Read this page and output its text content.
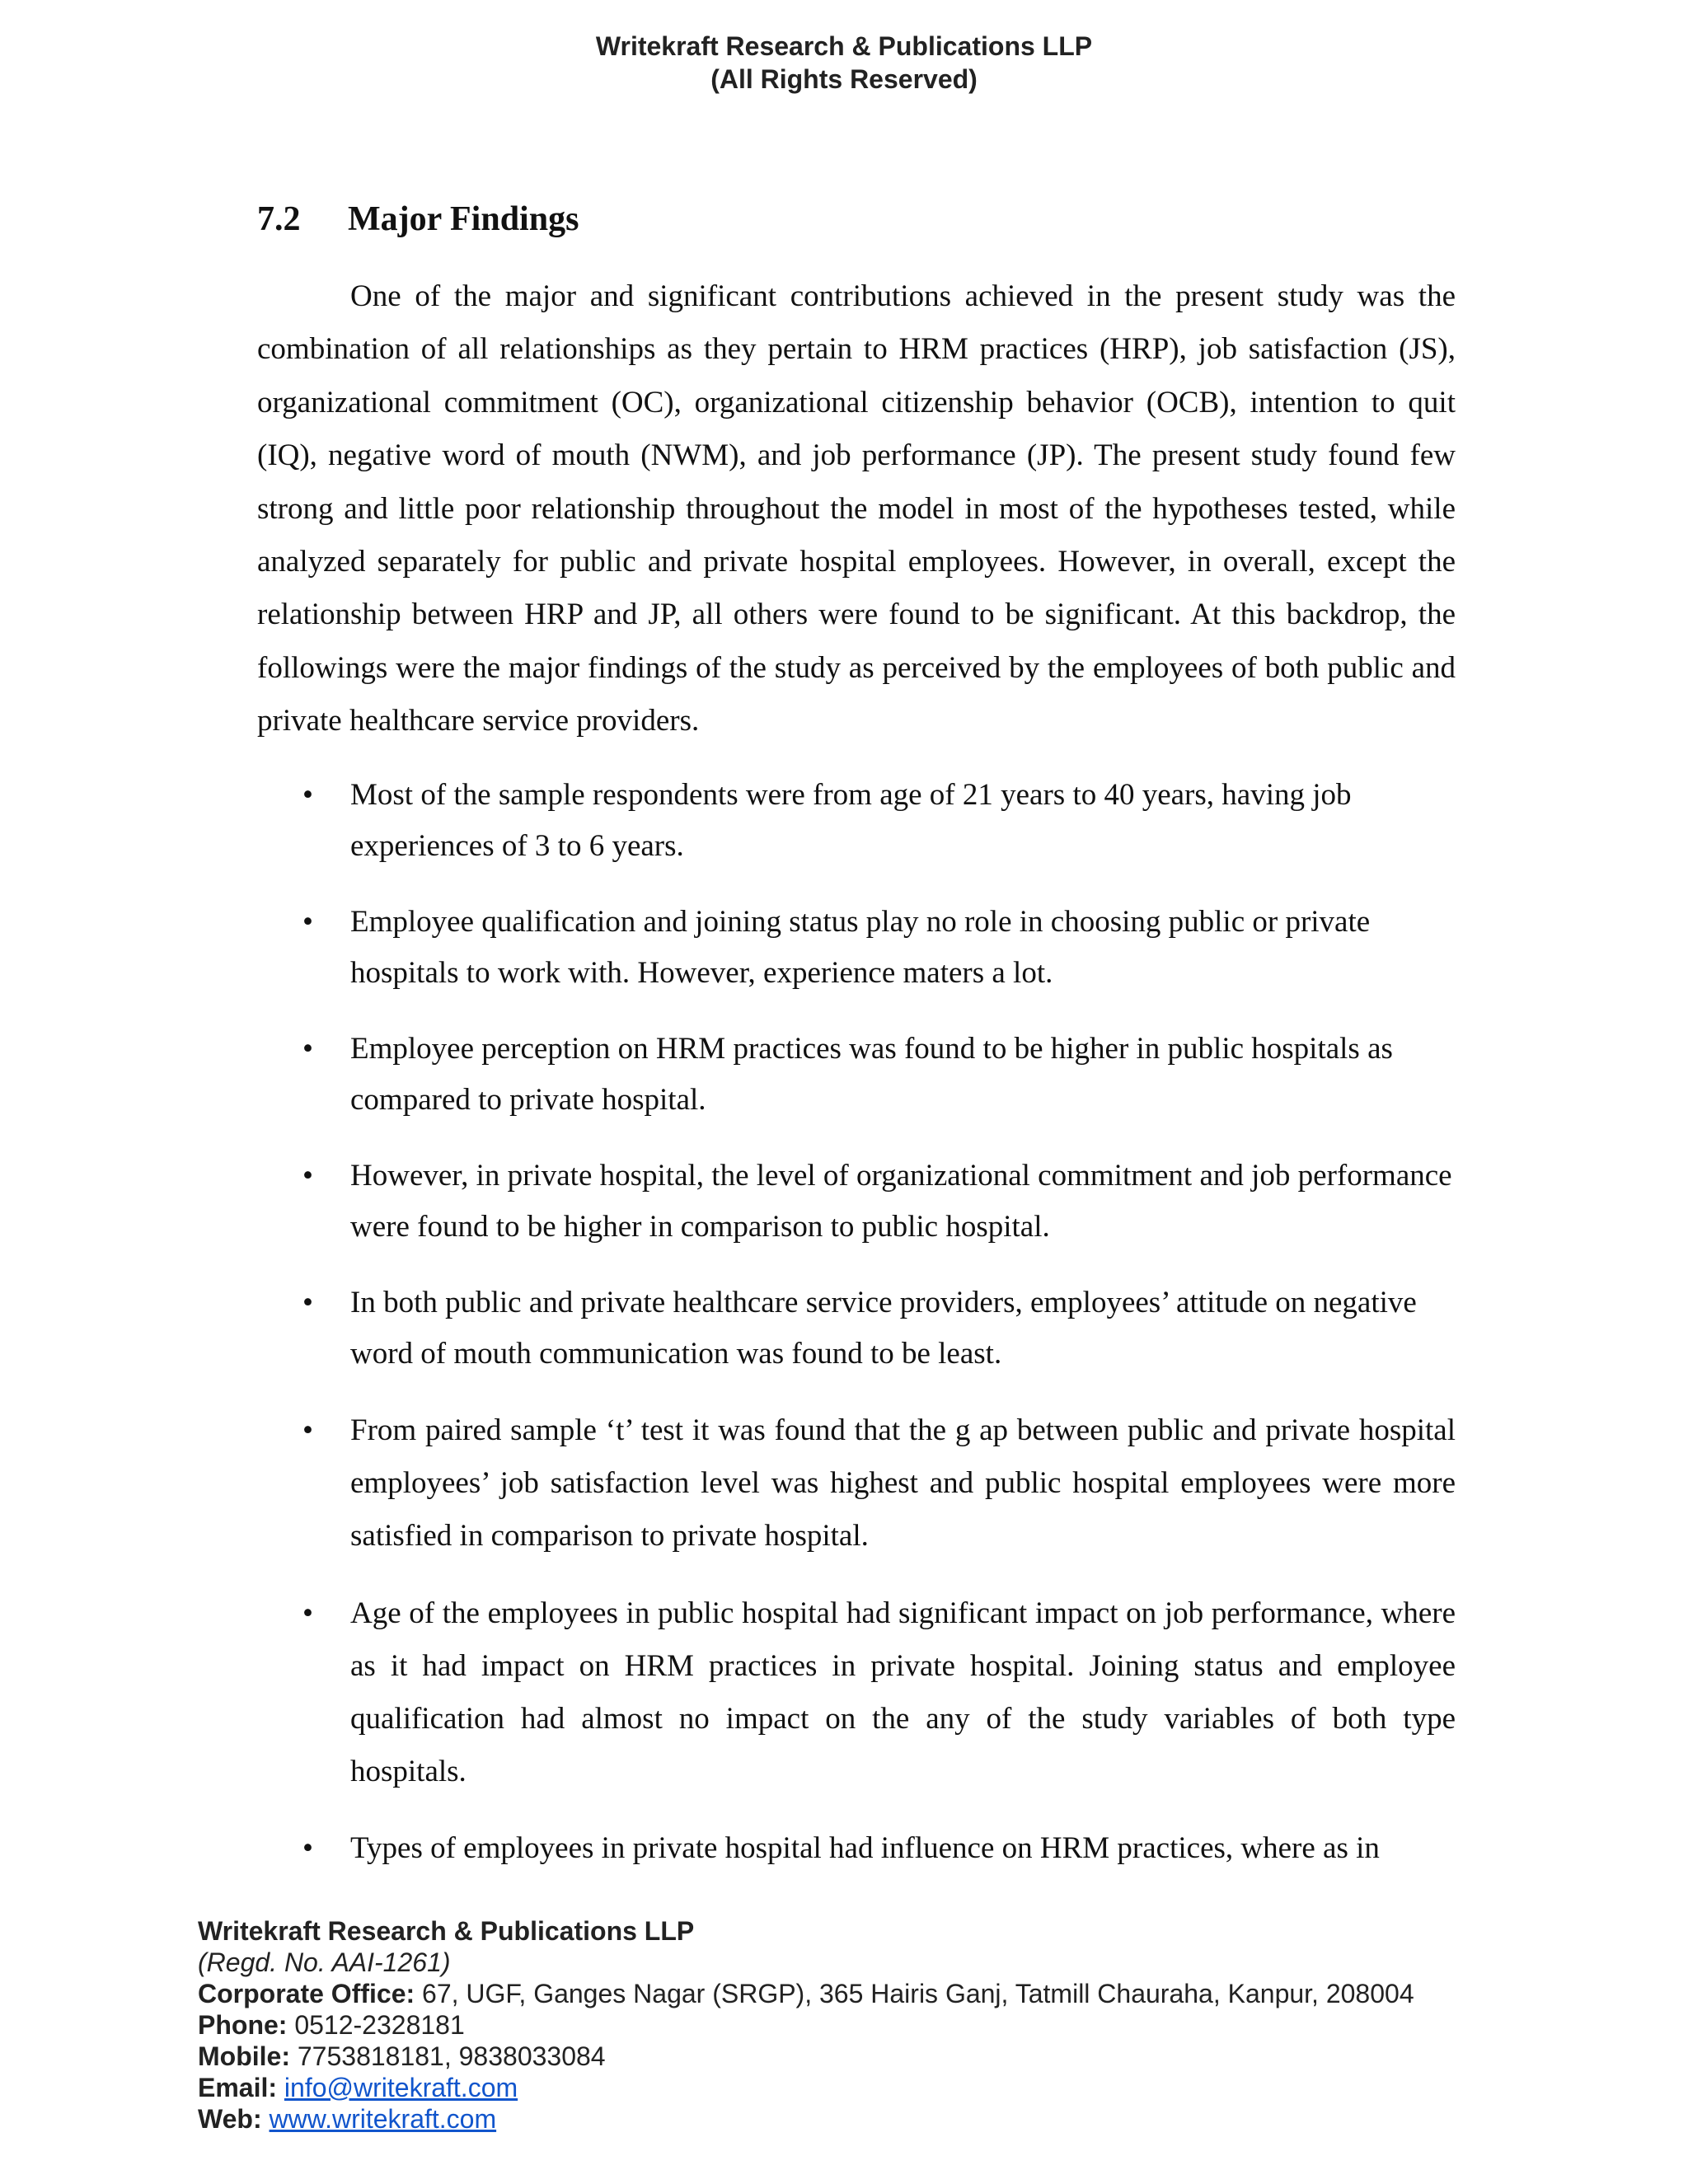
Writekraft Research & Publications LLP
(All Rights Reserved)
7.2 Major Findings

One of the major and significant contributions achieved in the present study was the combination of all relationships as they pertain to HRM practices (HRP), job satisfaction (JS), organizational commitment (OC), organizational citizenship behavior (OCB), intention to quit (IQ), negative word of mouth (NWM), and job performance (JP). The present study found few strong and little poor relationship throughout the model in most of the hypotheses tested, while analyzed separately for public and private hospital employees. However, in overall, except the relationship between HRP and JP, all others were found to be significant. At this backdrop, the followings were the major findings of the study as perceived by the employees of both public and private healthcare service providers.

• Most of the sample respondents were from age of 21 years to 40 years, having job experiences of 3 to 6 years.
• Employee qualification and joining status play no role in choosing public or private hospitals to work with. However, experience maters a lot.
• Employee perception on HRM practices was found to be higher in public hospitals as compared to private hospital.
• However, in private hospital, the level of organizational commitment and job performance were found to be higher in comparison to public hospital.
• In both public and private healthcare service providers, employees’ attitude on negative word of mouth communication was found to be least.
• From paired sample ‘t’ test it was found that the g ap between public and private hospital employees’ job satisfaction level was highest and public hospital employees were more satisfied in comparison to private hospital.
• Age of the employees in public hospital had significant impact on job performance, where as it had impact on HRM practices in private hospital. Joining status and employee qualification had almost no impact on the any of the study variables of both type hospitals.
• Types of employees in private hospital had influence on HRM practices, where as in
Writekraft Research & Publications LLP
(Regd. No. AAI-1261)
Corporate Office: 67, UGF, Ganges Nagar (SRGP), 365 Hairis Ganj, Tatmill Chauraha, Kanpur, 208004
Phone: 0512-2328181
Mobile: 7753818181, 9838033084
Email: info@writekraft.com
Web: www.writekraft.com
